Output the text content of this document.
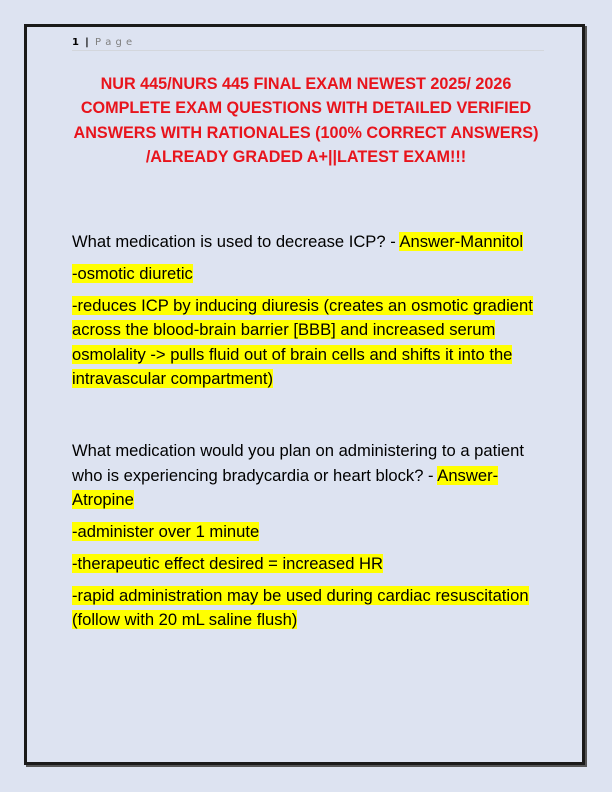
1 | P a g e
NUR 445/NURS 445 FINAL EXAM NEWEST 2025/ 2026 COMPLETE EXAM QUESTIONS WITH DETAILED VERIFIED ANSWERS WITH RATIONALES (100% CORRECT ANSWERS) /ALREADY GRADED A+||LATEST EXAM!!!

What medication is used to decrease ICP? - Answer-Mannitol

-osmotic diuretic

-reduces ICP by inducing diuresis (creates an osmotic gradient across the blood-brain barrier [BBB] and increased serum osmolality -> pulls fluid out of brain cells and shifts it into the intravascular compartment)

What medication would you plan on administering to a patient who is experiencing bradycardia or heart block? - Answer-Atropine

-administer over 1 minute

-therapeutic effect desired = increased HR

-rapid administration may be used during cardiac resuscitation (follow with 20 mL saline flush)
